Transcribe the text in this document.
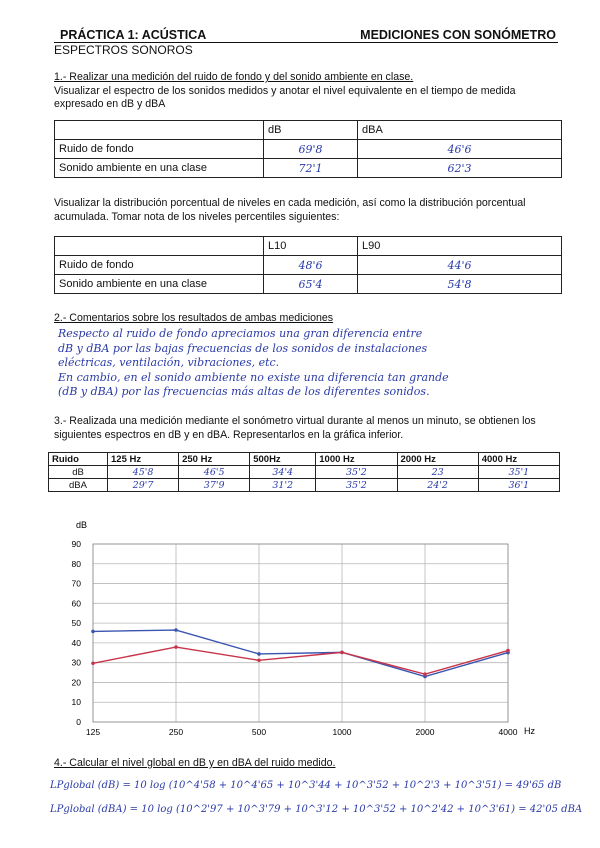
PRÁCTICA 1: ACÚSTICA	MEDICIONES CON SONÓMETRO
ESPECTROS SONOROS
1.- Realizar una medición del ruido de fondo y del sonido ambiente en clase.
Visualizar el espectro de los sonidos medidos y anotar el nivel equivalente en el tiempo de medida
expresado en dB y dBA
	dB	dBA
Ruido de fondo	69'8	46'6
Sonido ambiente en una clase	72'1	62'3
Visualizar la distribución porcentual de niveles en cada medición, así como la distribución porcentual
acumulada. Tomar nota de los niveles percentiles siguientes:
	L10	L90
Ruido de fondo	48'6	44'6
Sonido ambiente en una clase	65'4	54'8
2.- Comentarios sobre los resultados de ambas mediciones
Respecto al ruido de fondo apreciamos una gran diferencia entre
dB y dBA por las bajas frecuencias de los sonidos de instalaciones
eléctricas, ventilación, vibraciones, etc.
En cambio, en el sonido ambiente no existe una diferencia tan grande
(dB y dBA) por las frecuencias más altas de los diferentes sonidos.
3.- Realizada una medición mediante el sonómetro virtual durante al menos un minuto, se obtienen los
siguientes espectros en dB y en dBA. Representarlos en la gráfica inferior.
Ruido	125 Hz	250 Hz	500Hz	1000 Hz	2000 Hz	4000 Hz
dB	45'8	46'5	34'4	35'2	23	35'1
dBA	29'7	37'9	31'2	35'2	24'2	36'1
dB
Hz
0
10
20
30
40
50
60
70
80
90
125	250	500	1000	2000	4000
4.- Calcular el nivel global en dB y en dBA del ruido medido.
LPglobal (dB) = 10 log (10^4'58 + 10^4'65 + 10^3'44 + 10^3'52 + 10^2'3 + 10^3'51) = 49'65 dB
LPglobal (dBA) = 10 log (10^2'97 + 10^3'79 + 10^3'12 + 10^3'52 + 10^2'42 + 10^3'61) = 42'05 dBA
